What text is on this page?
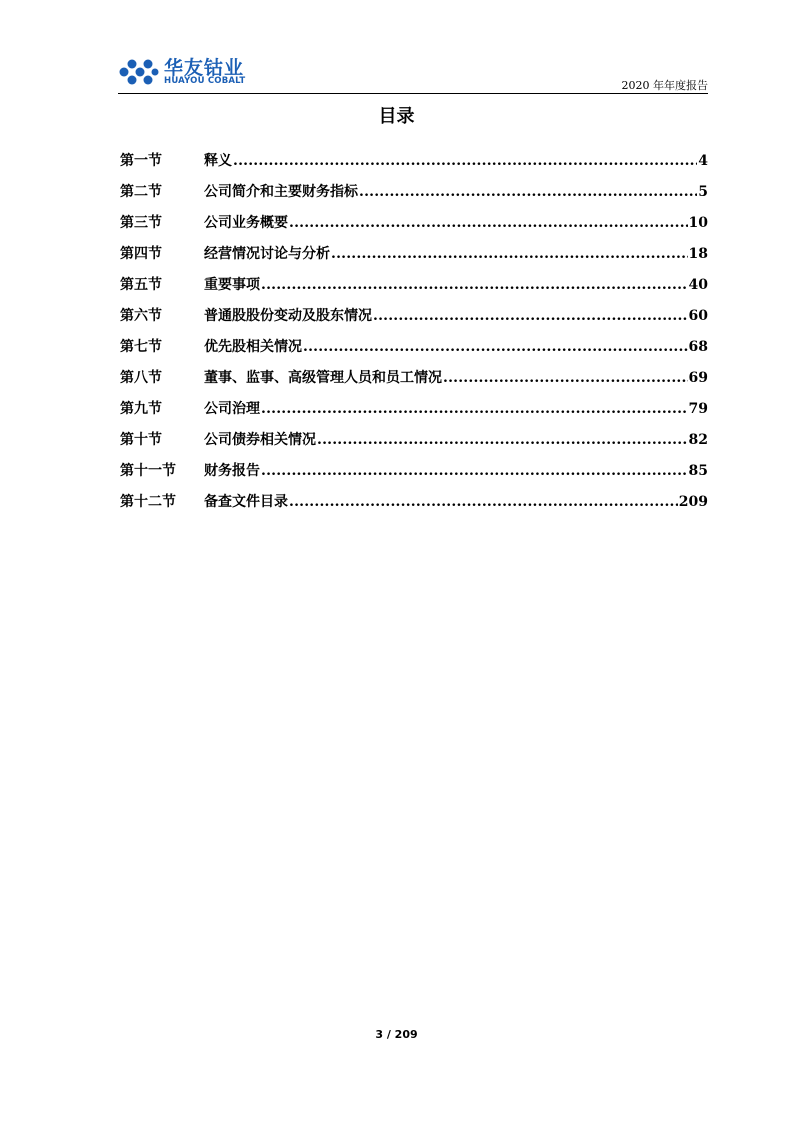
华友钴业
HUAYOU COBALT	2020 年年度报告
目录
第一节	释义 .....	4
第二节	公司简介和主要财务指标 .....	5
第三节	公司业务概要 .....	10
第四节	经营情况讨论与分析 .....	18
第五节	重要事项 .....	40
第六节	普通股股份变动及股东情况 .....	60
第七节	优先股相关情况 .....	68
第八节	董事、监事、高级管理人员和员工情况 .....	69
第九节	公司治理 .....	79
第十节	公司债券相关情况 .....	82
第十一节	财务报告 .....	85
第十二节	备查文件目录 .....	209
3 / 209
